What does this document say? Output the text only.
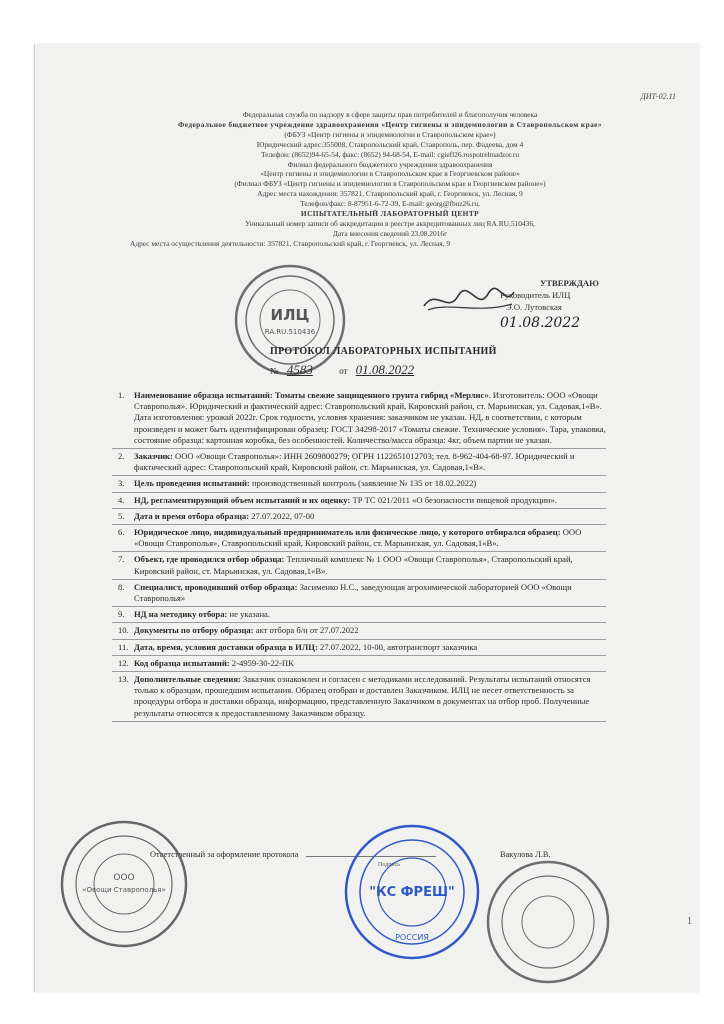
ДИТ-02.11
Федеральная служба по надзору в сфере защиты прав потребителей и благополучия человека
Федеральное бюджетное учреждение здравоохранения «Центр гигиены и эпидемиологии в Ставропольском крае»
(ФБУЗ «Центр гигиены и эпидемиологии в Ставропольском крае»)
Юридический адрес:355008, Ставропольский край, Ставрополь, пер. Фадеева, дом 4
Телефон: (8652)94-65-54, факс: (8652) 94-68-54, E-mail: cgiefl26.rospotrebnadzor.ru
Филиал федерального бюджетного учреждения здравоохранения
«Центр гигиены и эпидемиологии в Ставропольском крае в Георгиевском районе»
(Филиал ФБУЗ «Центр гигиены и эпидемиологии в Ставропольском крае в Георгиевском районе»)
Адрес места нахождения: 357821, Ставропольский край, г. Георгиевск, ул. Лесная, 9
Телефон/факс: 8-87951-6-72-39, E-mail: georg@fbuz26.ru,
ИСПЫТАТЕЛЬНЫЙ ЛАБОРАТОРНЫЙ ЦЕНТР
Уникальный номер записи об аккредитации в реестре аккредитованных лиц RA.RU.510436,
Дата внесения сведений 23.08.2016г
Адрес места осуществления деятельности: 357821, Ставропольский край, г. Георгиевск, ул. Лесная, 9
ИЛЦ
RA.RU.510436
УТВЕРЖДАЮ
Руководитель ИЛЦ
Э.О. Лутовская
01.08.2022
ПРОТОКОЛ ЛАБОРАТОРНЫХ ИСПЫТАНИЙ
№ 4583	от 01.08.2022
1. Наименование образца испытаний: Томаты свежие защищенного грунта гибрид «Мерлис». Изготовитель: ООО «Овощи Ставрополья». Юридический и фактический адрес: Ставропольский край, Кировский район, ст. Марьинская, ул. Садовая,1«В». Дата изготовления: урожай 2022г. Срок годности, условия хранения: заказчиком не указан. НД, в соответствии, с которым произведен и может быть идентифицирован образец: ГОСТ 34298-2017 «Томаты свежие. Технические условия». Тара, упаковка, состояние образца: картонная коробка, без особенностей. Количество/масса образца: 4кг, объем партии не указан.
2. Заказчик: ООО «Овощи Ставрополья»: ИНН 2609800279; ОГРН 1122651012703; тел. 8-962-404-68-97. Юридический и фактический адрес: Ставропольский край, Кировский район, ст. Марьинская, ул. Садовая,1«В».
3. Цель проведения испытаний: производственный контроль (заявление № 135 от 18.02.2022)
4. НД, регламентирующий объем испытаний и их оценку: ТР ТС 021/2011 «О безопасности пищевой продукции».
5. Дата и время отбора образца: 27.07.2022, 07-00
6. Юридическое лицо, индивидуальный предприниматель или физическое лицо, у которого отбирался образец: ООО «Овощи Ставрополья», Ставропольский край, Кировский район, ст. Марьинская, ул. Садовая,1«В».
7. Объект, где проводился отбор образца: Тепличный комплекс № 1 ООО «Овощи Ставрополья», Ставропольский край, Кировский район, ст. Марьинская, ул. Садовая,1«В».
8. Специалист, проводивший отбор образца: Засименко Н.С., заведующая агрохимической лабораторией ООО «Овощи Ставрополья»
9. НД на методику отбора: не указана.
10. Документы по отбору образца: акт отбора б/н от 27.07.2022
11. Дата, время, условия доставки образца в ИЛЦ: 27.07.2022, 10-00, автотранспорт заказчика
12. Код образца испытаний: 2-4959-30-22-ПК
13. Дополнительные сведения: Заказчик ознакомлен и согласен с методиками исследований. Результаты испытаний относятся только к образцам, прошедшим испытания. Образец отобран и доставлен Заказчиком. ИЛЦ не несет ответственность за процедуры отбора и доставки образца, информацию, представленную Заказчиком в документах на отбор проб. Полученные результаты относятся к предоставленному Заказчиком образцу.
Ответственный за оформление протокола	Вакулова Л.В.
Подпись
ООО
«Овощи Ставрополья»	"КС ФРЕШ"
РОССИЯ
1
